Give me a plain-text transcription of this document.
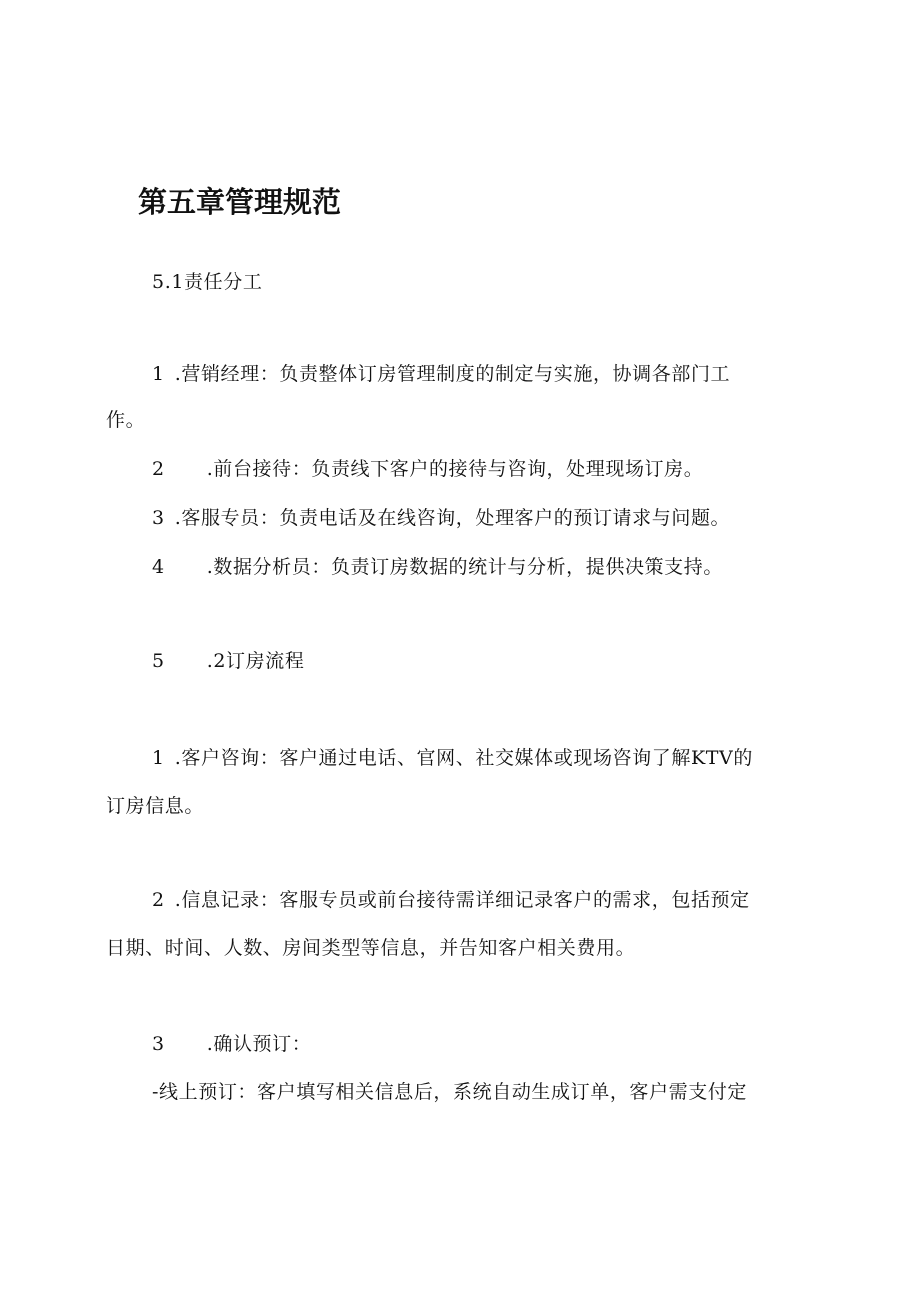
第五章管理规范
5.1责任分工
1 .营销经理：负责整体订房管理制度的制定与实施，协调各部门工
作。
2 .前台接待：负责线下客户的接待与咨询，处理现场订房。
3 .客服专员：负责电话及在线咨询，处理客户的预订请求与问题。
4 .数据分析员：负责订房数据的统计与分析，提供决策支持。
5 .2订房流程
1 .客户咨询：客户通过电话、官网、社交媒体或现场咨询了解KTV的
订房信息。
2 .信息记录：客服专员或前台接待需详细记录客户的需求，包括预定
日期、时间、人数、房间类型等信息，并告知客户相关费用。
3 .确认预订：
-线上预订：客户填写相关信息后，系统自动生成订单，客户需支付定
